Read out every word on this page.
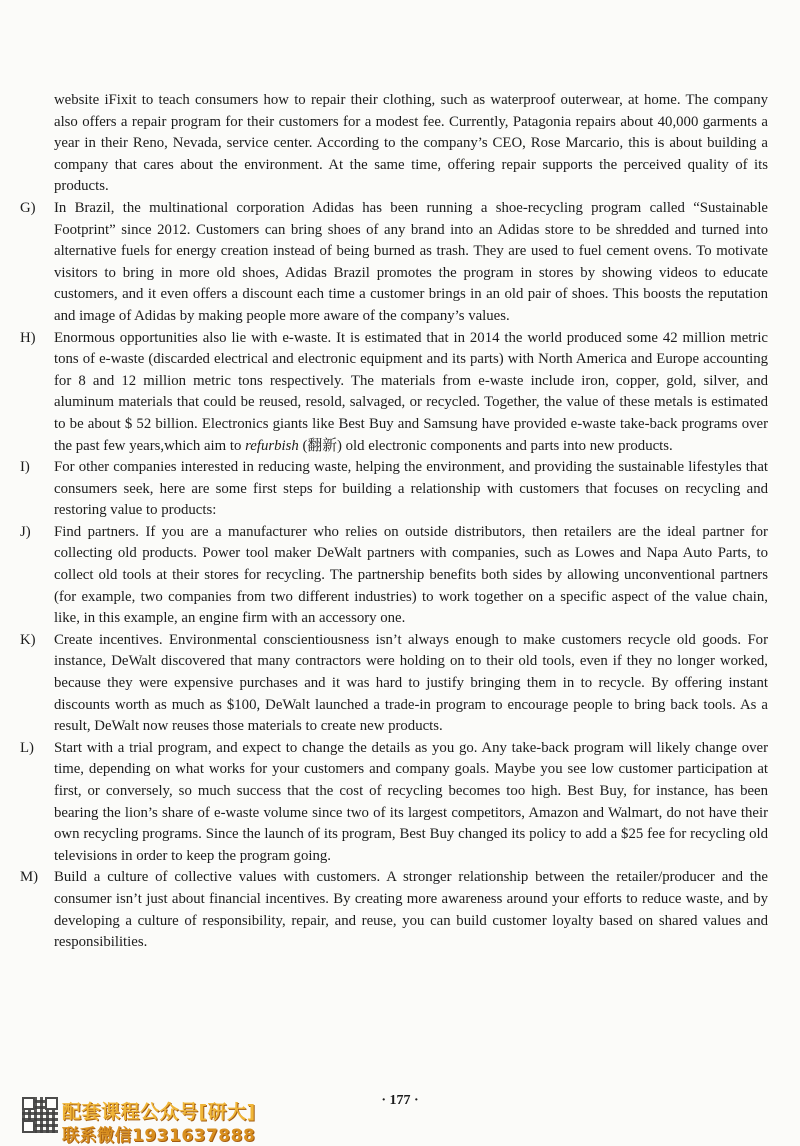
website iFixit to teach consumers how to repair their clothing, such as waterproof outerwear, at home. The company also offers a repair program for their customers for a modest fee. Currently, Patagonia repairs about 40,000 garments a year in their Reno, Nevada, service center. According to the company’s CEO, Rose Marcario, this is about building a company that cares about the environment. At the same time, offering repair supports the perceived quality of its products.
G) In Brazil, the multinational corporation Adidas has been running a shoe-recycling program called “Sustainable Footprint” since 2012. Customers can bring shoes of any brand into an Adidas store to be shredded and turned into alternative fuels for energy creation instead of being burned as trash. They are used to fuel cement ovens. To motivate visitors to bring in more old shoes, Adidas Brazil promotes the program in stores by showing videos to educate customers, and it even offers a discount each time a customer brings in an old pair of shoes. This boosts the reputation and image of Adidas by making people more aware of the company’s values.
H) Enormous opportunities also lie with e-waste. It is estimated that in 2014 the world produced some 42 million metric tons of e-waste (discarded electrical and electronic equipment and its parts) with North America and Europe accounting for 8 and 12 million metric tons respectively. The materials from e-waste include iron, copper, gold, silver, and aluminum materials that could be reused, resold, salvaged, or recycled. Together, the value of these metals is estimated to be about $ 52 billion. Electronics giants like Best Buy and Samsung have provided e-waste take-back programs over the past few years,which aim to refurbish (翻新) old electronic components and parts into new products.
I) For other companies interested in reducing waste, helping the environment, and providing the sustainable lifestyles that consumers seek, here are some first steps for building a relationship with customers that focuses on recycling and restoring value to products:
J) Find partners. If you are a manufacturer who relies on outside distributors, then retailers are the ideal partner for collecting old products. Power tool maker DeWalt partners with companies, such as Lowes and Napa Auto Parts, to collect old tools at their stores for recycling. The partnership benefits both sides by allowing unconventional partners (for example, two companies from two different industries) to work together on a specific aspect of the value chain, like, in this example, an engine firm with an accessory one.
K) Create incentives. Environmental conscientiousness isn’t always enough to make customers recycle old goods. For instance, DeWalt discovered that many contractors were holding on to their old tools, even if they no longer worked, because they were expensive purchases and it was hard to justify bringing them in to recycle. By offering instant discounts worth as much as $100, DeWalt launched a trade-in program to encourage people to bring back tools. As a result, DeWalt now reuses those materials to create new products.
L) Start with a trial program, and expect to change the details as you go. Any take-back program will likely change over time, depending on what works for your customers and company goals. Maybe you see low customer participation at first, or conversely, so much success that the cost of recycling becomes too high. Best Buy, for instance, has been bearing the lion’s share of e-waste volume since two of its largest competitors, Amazon and Walmart, do not have their own recycling programs. Since the launch of its program, Best Buy changed its policy to add a $25 fee for recycling old televisions in order to keep the program going.
M) Build a culture of collective values with customers. A stronger relationship between the retailer/producer and the consumer isn’t just about financial incentives. By creating more awareness around your efforts to reduce waste, and by developing a culture of responsibility, repair, and reuse, you can build customer loyalty based on shared values and responsibilities.
配套课程公众号[研大]
联系微信1931637888
· 177 ·
